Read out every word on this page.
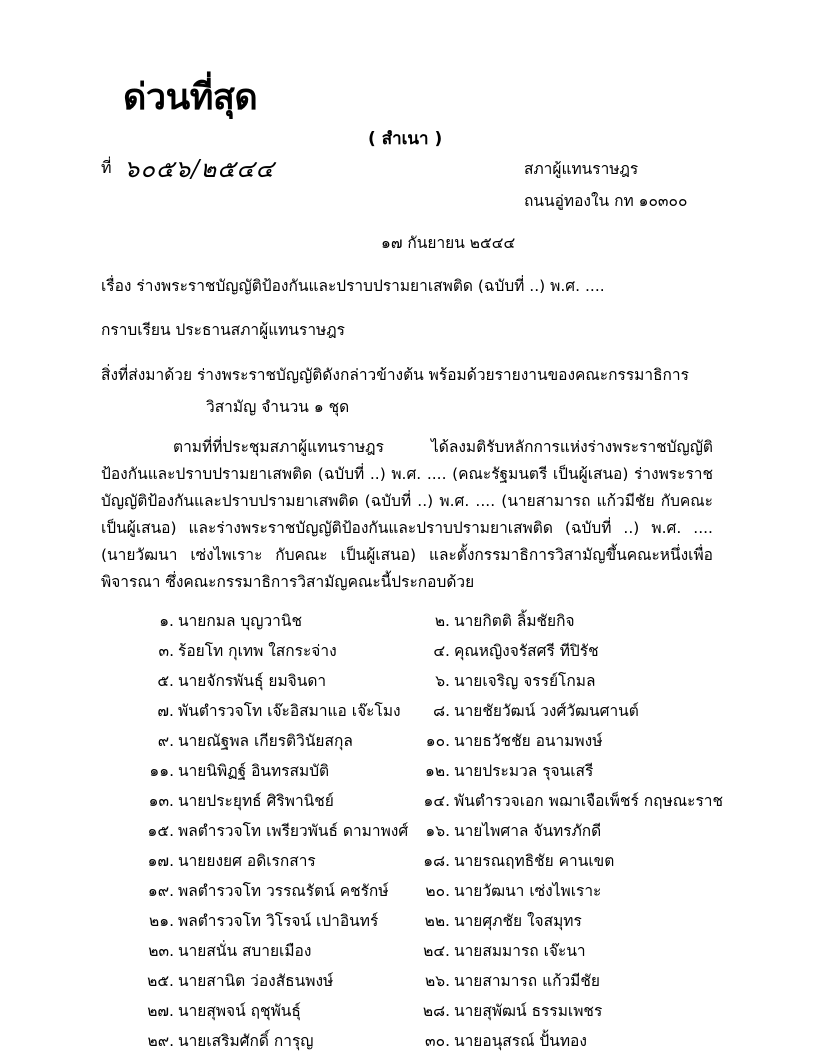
ด่วนที่สุด
( สำเนา )
ที่ ๖๐๕๖/๒๕๔๔	สภาผู้แทนราษฎร
ถนนอู่ทองใน กท ๑๐๓๐๐
๑๗ กันยายน ๒๕๔๔
เรื่อง ร่างพระราชบัญญัติป้องกันและปราบปรามยาเสพติด (ฉบับที่ ..) พ.ศ. ....
กราบเรียน ประธานสภาผู้แทนราษฎร
สิ่งที่ส่งมาด้วย ร่างพระราชบัญญัติดังกล่าวข้างต้น พร้อมด้วยรายงานของคณะกรรมาธิการ
วิสามัญ จำนวน ๑ ชุด

ตามที่ที่ประชุมสภาผู้แทนราษฎร ได้ลงมติรับหลักการแห่งร่างพระราชบัญญัติป้องกันและปราบปรามยาเสพติด (ฉบับที่ ..) พ.ศ. .... (คณะรัฐมนตรี เป็นผู้เสนอ) ร่างพระราชบัญญัติป้องกันและปราบปรามยาเสพติด (ฉบับที่ ..) พ.ศ. .... (นายสามารถ แก้วมีชัย กับคณะ เป็นผู้เสนอ) และร่างพระราชบัญญัติป้องกันและปราบปรามยาเสพติด (ฉบับที่ ..) พ.ศ. .... (นายวัฒนา เซ่งไพเราะ กับคณะ เป็นผู้เสนอ) และตั้งกรรมาธิการวิสามัญขึ้นคณะหนึ่งเพื่อพิจารณา ซึ่งคณะกรรมาธิการวิสามัญคณะนี้ประกอบด้วย

๑. นายกมล บุญวานิช	๒. นายกิตติ ลิ้มชัยกิจ
๓. ร้อยโท กุเทพ ใสกระจ่าง	๔. คุณหญิงจรัสศรี ทีปิรัช
๕. นายจักรพันธุ์ ยมจินดา	๖. นายเจริญ จรรย์โกมล
๗. พันตำรวจโท เจ๊ะอิสมาแอ เจ๊ะโมง	๘. นายชัยวัฒน์ วงศ์วัฒนศานต์
๙. นายณัฐพล เกียรติวินัยสกุล	๑๐. นายธวัชชัย อนามพงษ์
๑๑. นายนิพิฏฐ์ อินทรสมบัติ	๑๒. นายประมวล รุจนเสรี
๑๓. นายประยุทธ์ ศิริพานิชย์	๑๔. พันตำรวจเอก พฌาเจือเพ็ชร์ กฤษณะราช
๑๕. พลตำรวจโท เพรียวพันธ์ ดามาพงศ์	๑๖. นายไพศาล จันทรภักดี
๑๗. นายยงยศ อดิเรกสาร	๑๘. นายรณฤทธิชัย คานเขต
๑๙. พลตำรวจโท วรรณรัตน์ คชรักษ์	๒๐. นายวัฒนา เซ่งไพเราะ
๒๑. พลตำรวจโท วิโรจน์ เปาอินทร์	๒๒. นายศุภชัย ใจสมุทร
๒๓. นายสนั่น สบายเมือง	๒๔. นายสมมารถ เจ๊ะนา
๒๕. นายสานิต ว่องสัธนพงษ์	๒๖. นายสามารถ แก้วมีชัย
๒๗. นายสุพจน์ ฤชุพันธุ์	๒๘. นายสุพัฒน์ ธรรมเพชร
๒๙. นายเสริมศักดิ์ การุญ	๓๐. นายอนุสรณ์ ปั้นทอง
